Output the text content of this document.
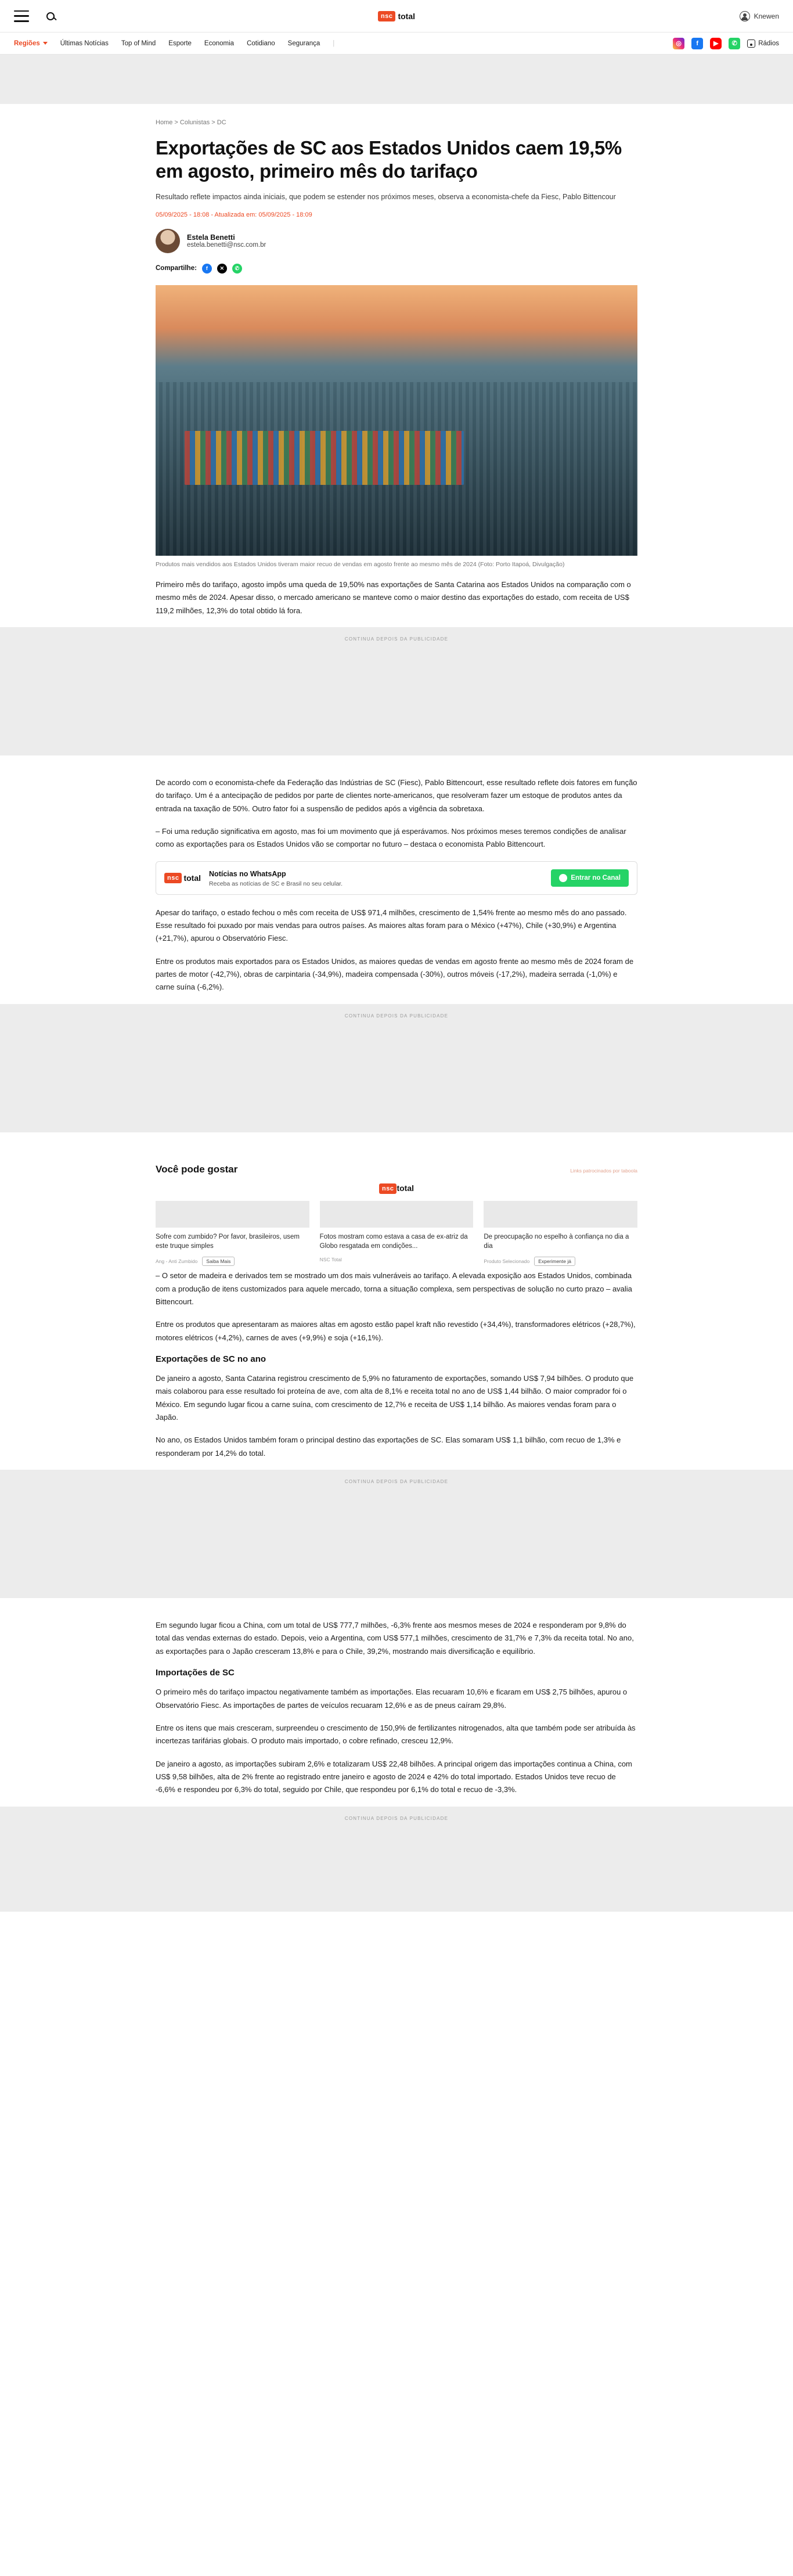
nsc total	Knewen
Regiões	Últimas Notícias Top of Mind Esporte Economia Cotidiano Segurança |	◎	f	▶	✆	Rádios
Home > Colunistas > DC
Exportações de SC aos Estados Unidos caem 19,5% em agosto, primeiro mês do tarifaço
Resultado reflete impactos ainda iniciais, que podem se estender nos próximos meses, observa a economista-chefe da Fiesc, Pablo Bittencour
05/09/2025 - 18:08 - Atualizada em: 05/09/2025 - 18:09
Estela Benetti
estela.benetti@nsc.com.br
Compartilhe:	f	✕	✆
Produtos mais vendidos aos Estados Unidos tiveram maior recuo de vendas em agosto frente ao mesmo mês de 2024 (Foto: Porto Itapoá, Divulgação)

Primeiro mês do tarifaço, agosto impôs uma queda de 19,50% nas exportações de Santa Catarina aos Estados Unidos na comparação com o mesmo mês de 2024. Apesar disso, o mercado americano se manteve como o maior destino das exportações do estado, com receita de US$ 119,2 milhões, 12,3% do total obtido lá fora.

CONTINUA DEPOIS DA PUBLICIDADE

De acordo com o economista-chefe da Federação das Indústrias de SC (Fiesc), Pablo Bittencourt, esse resultado reflete dois fatores em função do tarifaço. Um é a antecipação de pedidos por parte de clientes norte-americanos, que resolveram fazer um estoque de produtos antes da entrada na taxação de 50%. Outro fator foi a suspensão de pedidos após a vigência da sobretaxa.

– Foi uma redução significativa em agosto, mas foi um movimento que já esperávamos. Nos próximos meses teremos condições de analisar como as exportações para os Estados Unidos vão se comportar no futuro – destaca o economista Pablo Bittencourt.

nsc total Notícias no WhatsApp
Receba as notícias de SC e Brasil no seu celular.
Entrar no Canal

Apesar do tarifaço, o estado fechou o mês com receita de US$ 971,4 milhões, crescimento de 1,54% frente ao mesmo mês do ano passado. Esse resultado foi puxado por mais vendas para outros países. As maiores altas foram para o México (+47%), Chile (+30,9%) e Argentina (+21,7%), apurou o Observatório Fiesc.

Entre os produtos mais exportados para os Estados Unidos, as maiores quedas de vendas em agosto frente ao mesmo mês de 2024 foram de partes de motor (-42,7%), obras de carpintaria (-34,9%), madeira compensada (-30%), outros móveis (-17,2%), madeira serrada (-1,0%) e carne suína (-6,2%).

CONTINUA DEPOIS DA PUBLICIDADE
Você pode gostar	Links patrocinados por taboola
nsc total
Sofre com zumbido? Por favor, brasileiros, usem este truque simples
Ang - Anti Zumbido	Saiba Mais
Fotos mostram como estava a casa de ex-atriz da Globo resgatada em condições...
NSC Total
De preocupação no espelho à confiança no dia a dia
Produto Selecionado	Experimente já

– O setor de madeira e derivados tem se mostrado um dos mais vulneráveis ao tarifaço. A elevada exposição aos Estados Unidos, combinada com a produção de itens customizados para aquele mercado, torna a situação complexa, sem perspectivas de solução no curto prazo – avalia Bittencourt.

Entre os produtos que apresentaram as maiores altas em agosto estão papel kraft não revestido (+34,4%), transformadores elétricos (+28,7%), motores elétricos (+4,2%), carnes de aves (+9,9%) e soja (+16,1%).

Exportações de SC no ano

De janeiro a agosto, Santa Catarina registrou crescimento de 5,9% no faturamento de exportações, somando US$ 7,94 bilhões. O produto que mais colaborou para esse resultado foi proteína de ave, com alta de 8,1% e receita total no ano de US$ 1,44 bilhão. O maior comprador foi o México. Em segundo lugar ficou a carne suína, com crescimento de 12,7% e receita de US$ 1,14 bilhão. As maiores vendas foram para o Japão.

No ano, os Estados Unidos também foram o principal destino das exportações de SC. Elas somaram US$ 1,1 bilhão, com recuo de 1,3% e responderam por 14,2% do total.

CONTINUA DEPOIS DA PUBLICIDADE

Em segundo lugar ficou a China, com um total de US$ 777,7 milhões, -6,3% frente aos mesmos meses de 2024 e responderam por 9,8% do total das vendas externas do estado. Depois, veio a Argentina, com US$ 577,1 milhões, crescimento de 31,7% e 7,3% da receita total. No ano, as exportações para o Japão cresceram 13,8% e para o Chile, 39,2%, mostrando mais diversificação e equilíbrio.

Importações de SC

O primeiro mês do tarifaço impactou negativamente também as importações. Elas recuaram 10,6% e ficaram em US$ 2,75 bilhões, apurou o Observatório Fiesc. As importações de partes de veículos recuaram 12,6% e as de pneus caíram 29,8%.

Entre os itens que mais cresceram, surpreendeu o crescimento de 150,9% de fertilizantes nitrogenados, alta que também pode ser atribuída às incertezas tarifárias globais. O produto mais importado, o cobre refinado, cresceu 12,9%.

De janeiro a agosto, as importações subiram 2,6% e totalizaram US$ 22,48 bilhões. A principal origem das importações continua a China, com US$ 9,58 bilhões, alta de 2% frente ao registrado entre janeiro e agosto de 2024 e 42% do total importado. Estados Unidos teve recuo de -6,6% e respondeu por 6,3% do total, seguido por Chile, que respondeu por 6,1% do total e recuo de -3,3%.

CONTINUA DEPOIS DA PUBLICIDADE
